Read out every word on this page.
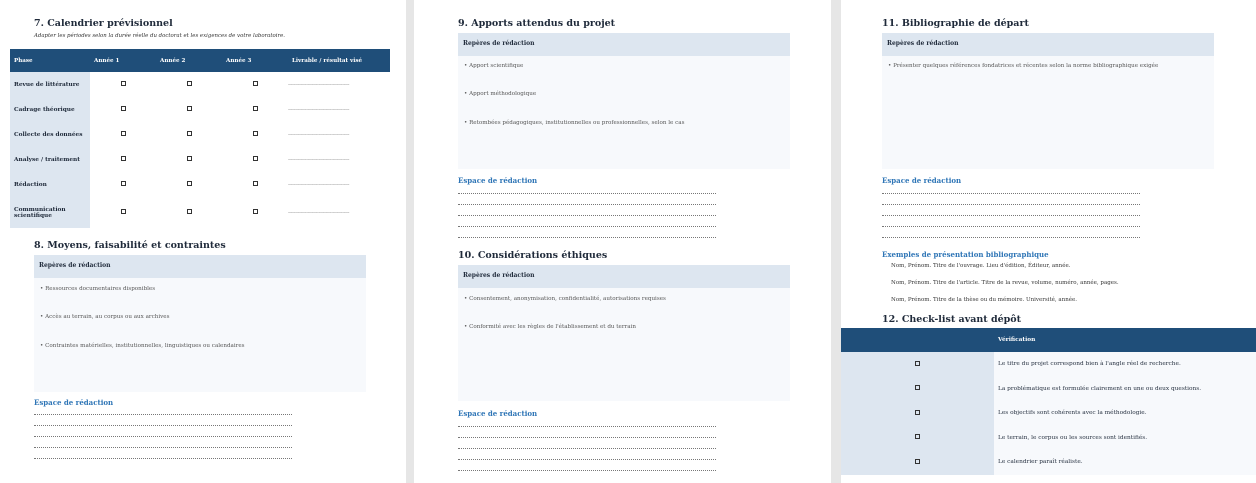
7. Calendrier prévisionnel
Adapter les périodes selon la durée réelle du doctorat et les exigences de votre laboratoire.
Phase	Année 1	Année 2	Année 3	Livrable / résultat visé
Revue de littérature				--------------------------------------------
Cadrage théorique				--------------------------------------------
Collecte des données				--------------------------------------------
Analyse / traitement				--------------------------------------------
Rédaction				--------------------------------------------
Communication scientifique				--------------------------------------------
8. Moyens, faisabilité et contraintes
Repères de rédaction
• Ressources documentaires disponibles
• Accès au terrain, au corpus ou aux archives
• Contraintes matérielles, institutionnelles, linguistiques ou calendaires
Espace de rédaction
9. Apports attendus du projet
Repères de rédaction
• Apport scientifique
• Apport méthodologique
• Retombées pédagogiques, institutionnelles ou professionnelles, selon le cas
Espace de rédaction
10. Considérations éthiques
Repères de rédaction
• Consentement, anonymisation, confidentialité, autorisations requises
• Conformité avec les règles de l'établissement et du terrain
Espace de rédaction
11. Bibliographie de départ
Repères de rédaction
• Présenter quelques références fondatrices et récentes selon la norme bibliographique exigée
Espace de rédaction
Exemples de présentation bibliographique
Nom, Prénom. Titre de l'ouvrage. Lieu d'édition, Éditeur, année.
Nom, Prénom. Titre de l'article. Titre de la revue, volume, numéro, année, pages.
Nom, Prénom. Titre de la thèse ou du mémoire. Université, année.
12. Check-list avant dépôt
	Vérification
	Le titre du projet correspond bien à l'angle réel de recherche.
	La problématique est formulée clairement en une ou deux questions.
	Les objectifs sont cohérents avec la méthodologie.
	Le terrain, le corpus ou les sources sont identifiés.
	Le calendrier paraît réaliste.
